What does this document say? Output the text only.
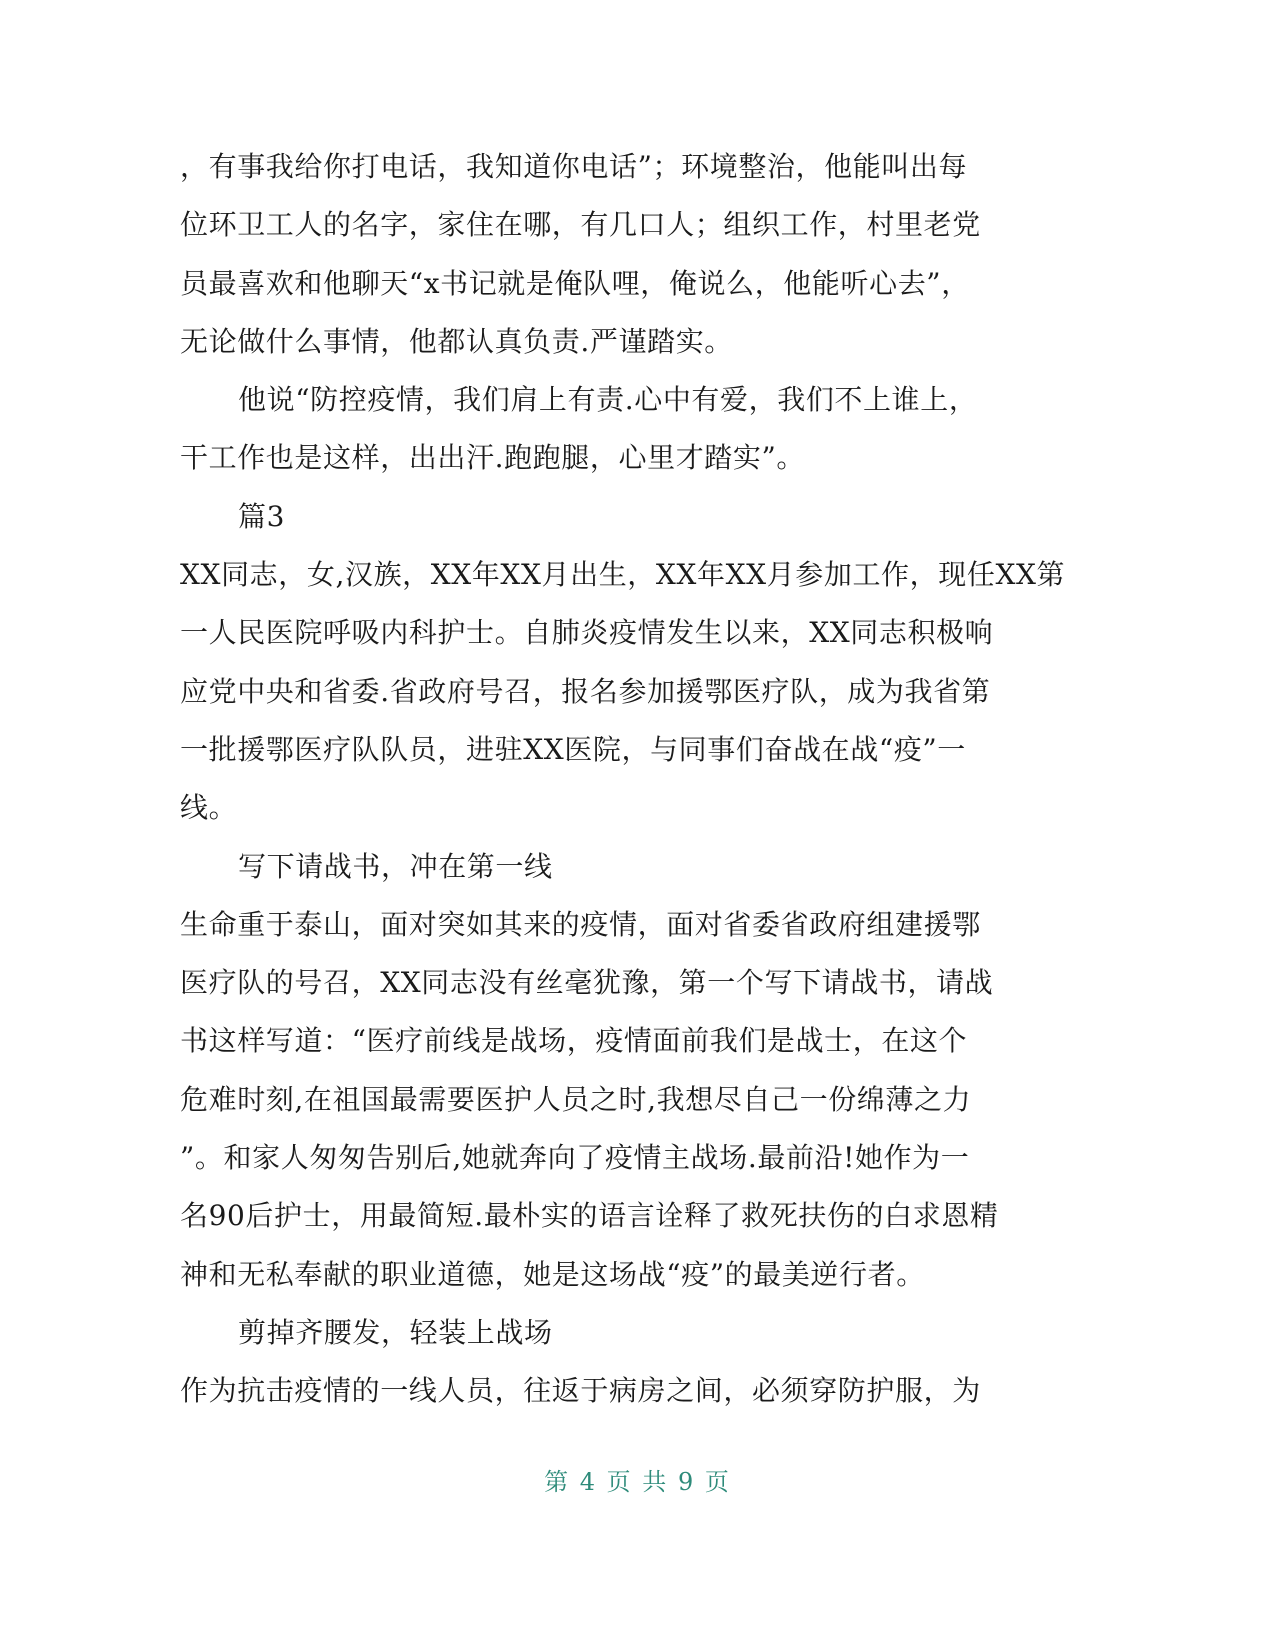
，有事我给你打电话，我知道你电话”；环境整治，他能叫出每
位环卫工人的名字，家住在哪，有几口人；组织工作，村里老党
员最喜欢和他聊天“x书记就是俺队哩，俺说么，他能听心去”，
无论做什么事情，他都认真负责.严谨踏实。
他说“防控疫情，我们肩上有责.心中有爱，我们不上谁上，
干工作也是这样，出出汗.跑跑腿，心里才踏实”。
篇3
XX同志，女,汉族，XX年XX月出生，XX年XX月参加工作，现任XX第
一人民医院呼吸内科护士。自肺炎疫情发生以来，XX同志积极响
应党中央和省委.省政府号召，报名参加援鄂医疗队，成为我省第
一批援鄂医疗队队员，进驻XX医院，与同事们奋战在战“疫”一
线。
写下请战书，冲在第一线
生命重于泰山，面对突如其来的疫情，面对省委省政府组建援鄂
医疗队的号召，XX同志没有丝毫犹豫，第一个写下请战书，请战
书这样写道：“医疗前线是战场，疫情面前我们是战士，在这个
危难时刻,在祖国最需要医护人员之时,我想尽自己一份绵薄之力
”。和家人匆匆告别后,她就奔向了疫情主战场.最前沿!她作为一
名90后护士，用最简短.最朴实的语言诠释了救死扶伤的白求恩精
神和无私奉献的职业道德，她是这场战“疫”的最美逆行者。
剪掉齐腰发，轻装上战场
作为抗击疫情的一线人员，往返于病房之间，必须穿防护服，为
第 4 页 共 9 页
